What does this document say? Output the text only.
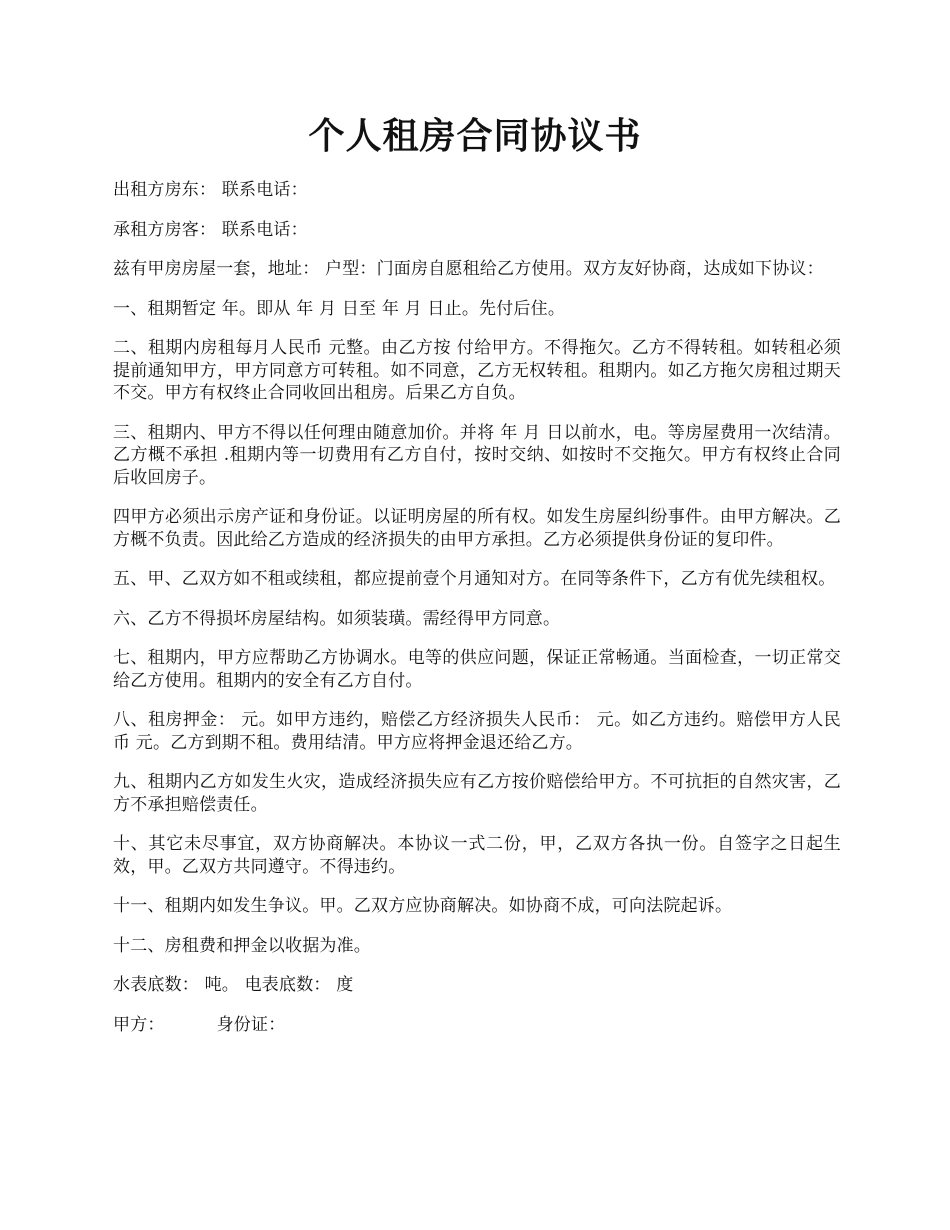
个人租房合同协议书

出租方房东： 联系电话：

承租方房客： 联系电话：

兹有甲房房屋一套，地址： 户型：门面房自愿租给乙方使用。双方友好协商，达成如下协议：

一、租期暂定 年。即从 年 月 日至 年 月 日止。先付后住。

二、租期内房租每月人民币 元整。由乙方按 付给甲方。不得拖欠。乙方不得转租。如转租必须提前通知甲方，甲方同意方可转租。如不同意，乙方无权转租。租期内。如乙方拖欠房租过期天不交。甲方有权终止合同收回出租房。后果乙方自负。

三、租期内、甲方不得以任何理由随意加价。并将 年 月 日以前水，电。等房屋费用一次结清。乙方概不承担 .租期内等一切费用有乙方自付，按时交纳、如按时不交拖欠。甲方有权终止合同后收回房子。

四甲方必须出示房产证和身份证。以证明房屋的所有权。如发生房屋纠纷事件。由甲方解决。乙方概不负责。因此给乙方造成的经济损失的由甲方承担。乙方必须提供身份证的复印件。

五、甲、乙双方如不租或续租，都应提前壹个月通知对方。在同等条件下，乙方有优先续租权。

六、乙方不得损坏房屋结构。如须装璜。需经得甲方同意。

七、租期内，甲方应帮助乙方协调水。电等的供应问题，保证正常畅通。当面检查，一切正常交给乙方使用。租期内的安全有乙方自付。

八、租房押金： 元。如甲方违约，赔偿乙方经济损失人民币： 元。如乙方违约。赔偿甲方人民币 元。乙方到期不租。费用结清。甲方应将押金退还给乙方。

九、租期内乙方如发生火灾，造成经济损失应有乙方按价赔偿给甲方。不可抗拒的自然灾害，乙方不承担赔偿责任。

十、其它未尽事宜，双方协商解决。本协议一式二份，甲，乙双方各执一份。自签字之日起生效，甲。乙双方共同遵守。不得违约。

十一、租期内如发生争议。甲。乙双方应协商解决。如协商不成，可向法院起诉。

十二、房租费和押金以收据为准。

水表底数： 吨。 电表底数： 度

甲方：	身份证：
